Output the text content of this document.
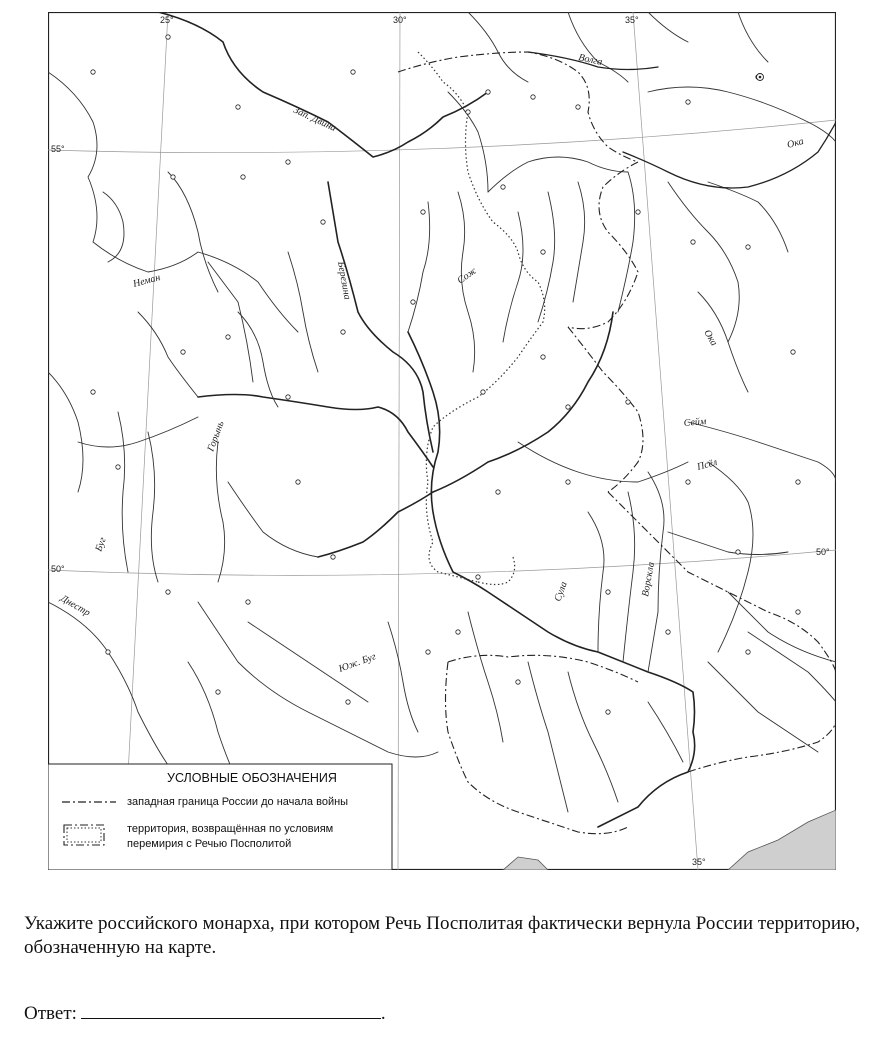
25°	30°	35°
35°
55°
50°
50°
Волга
Зап. Двина
Ока
Неман	Березина	Сож
Ока
Горынь	Сейм
Псёл
Буг
Сула	Ворскла
Днестр
Юж. Буг
УСЛОВНЫЕ ОБОЗНАЧЕНИЯ
западная граница России до начала войны
территория, возвращённая по условиям
перемирия с Речью Посполитой
Укажите российского монарха, при котором Речь Посполитая фактически вернула России территорию, обозначенную на карте.
Ответ:	.
